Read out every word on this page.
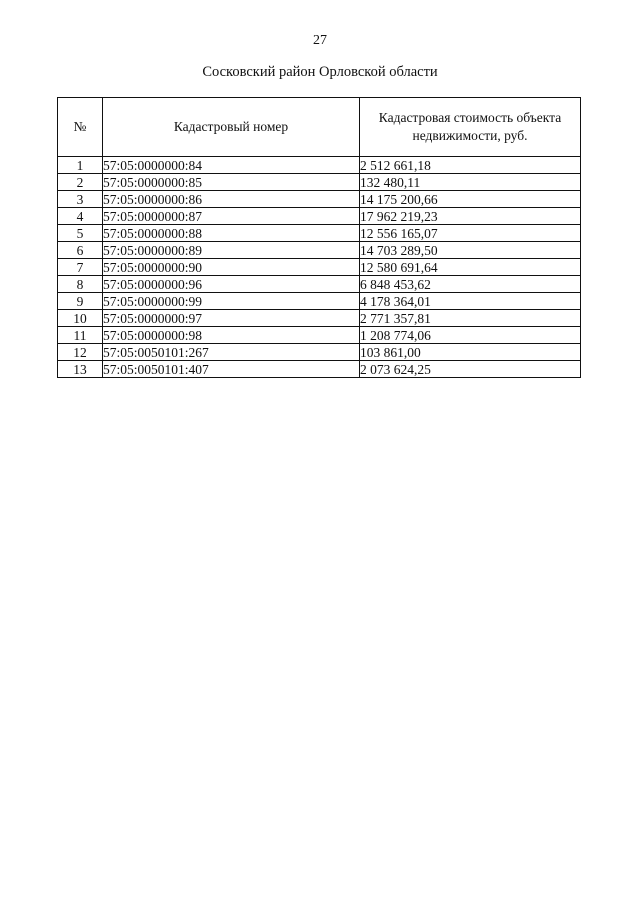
27
Сосковский район Орловской области
№	Кадастровый номер	Кадастровая стоимость объекта недвижимости, руб.
1	57:05:0000000:84	2 512 661,18
2	57:05:0000000:85	132 480,11
3	57:05:0000000:86	14 175 200,66
4	57:05:0000000:87	17 962 219,23
5	57:05:0000000:88	12 556 165,07
6	57:05:0000000:89	14 703 289,50
7	57:05:0000000:90	12 580 691,64
8	57:05:0000000:96	6 848 453,62
9	57:05:0000000:99	4 178 364,01
10	57:05:0000000:97	2 771 357,81
11	57:05:0000000:98	1 208 774,06
12	57:05:0050101:267	103 861,00
13	57:05:0050101:407	2 073 624,25
